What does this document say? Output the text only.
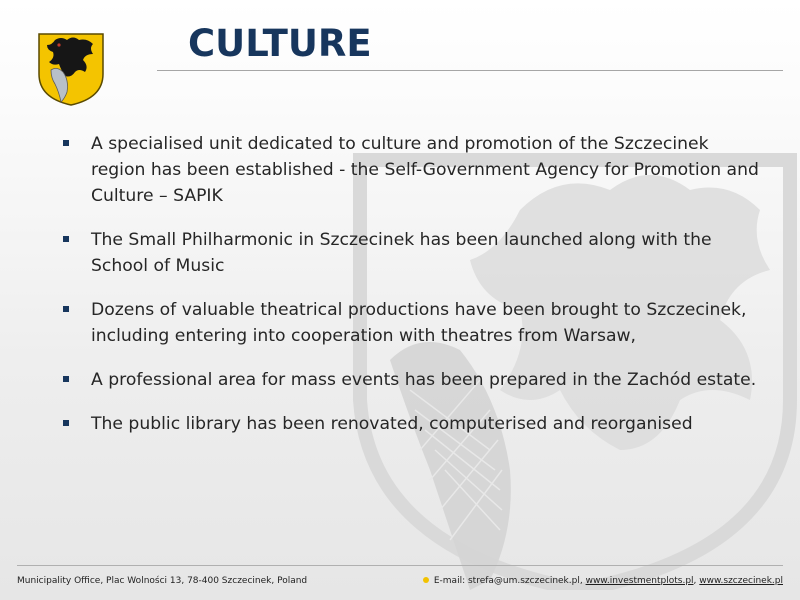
CULTURE
A specialised unit dedicated to culture and promotion of the Szczecinek region has been established - the Self-Government Agency for Promotion and Culture – SAPIK
The Small Philharmonic in Szczecinek has been launched along with the School of Music
Dozens of valuable theatrical productions have been brought to Szczecinek, including entering into cooperation with theatres from Warsaw,
A professional area for mass events has been prepared in the Zachód estate.
The public library has been renovated, computerised and reorganised
Municipality Office, Plac Wolności 13, 78-400 Szczecinek, Poland	E-mail: strefa@um.szczecinek.pl, www.investmentplots.pl, www.szczecinek.pl
